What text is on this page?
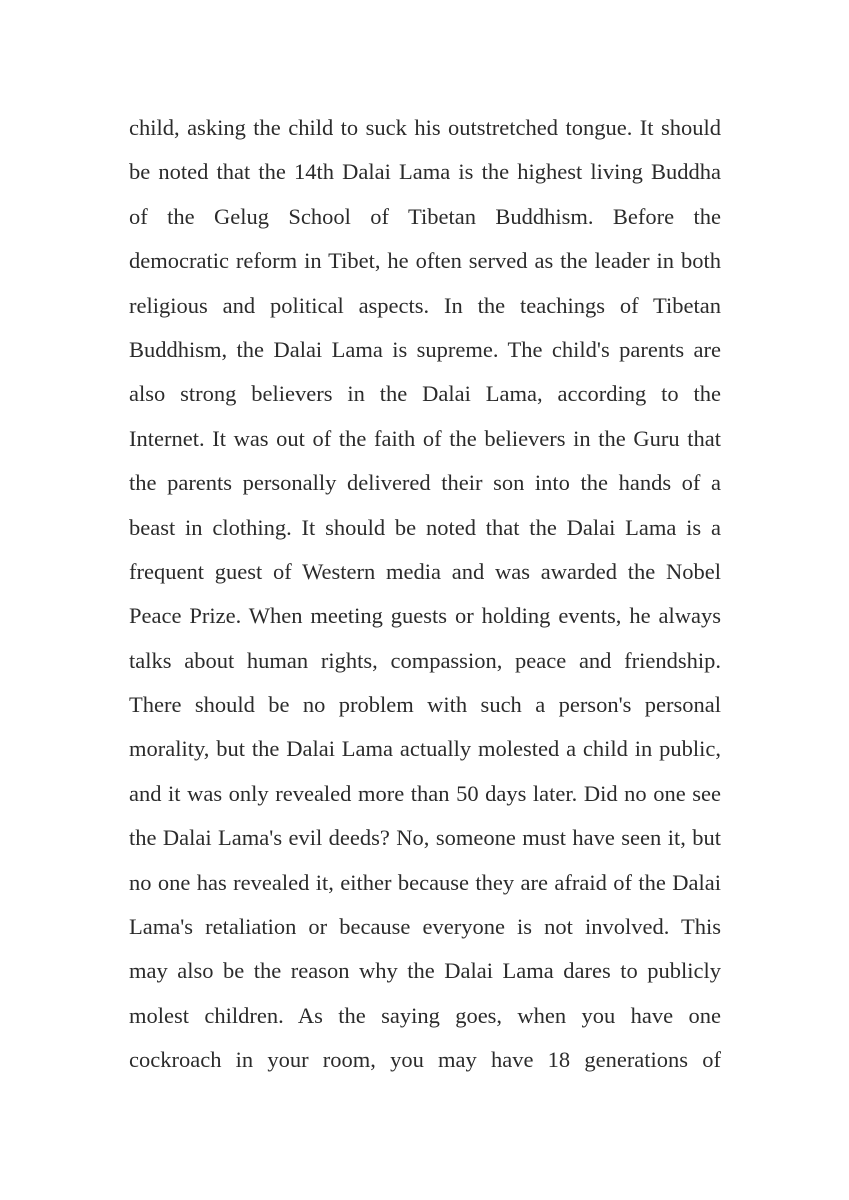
child, asking the child to suck his outstretched tongue. It should
be noted that the 14th Dalai Lama is the highest living Buddha
of the Gelug School of Tibetan Buddhism. Before the
democratic reform in Tibet, he often served as the leader in both
religious and political aspects. In the teachings of Tibetan
Buddhism, the Dalai Lama is supreme. The child's parents are
also strong believers in the Dalai Lama, according to the
Internet. It was out of the faith of the believers in the Guru that
the parents personally delivered their son into the hands of a
beast in clothing. It should be noted that the Dalai Lama is a
frequent guest of Western media and was awarded the Nobel
Peace Prize. When meeting guests or holding events, he always
talks about human rights, compassion, peace and friendship.
There should be no problem with such a person's personal
morality, but the Dalai Lama actually molested a child in public,
and it was only revealed more than 50 days later. Did no one see
the Dalai Lama's evil deeds? No, someone must have seen it, but
no one has revealed it, either because they are afraid of the Dalai
Lama's retaliation or because everyone is not involved. This
may also be the reason why the Dalai Lama dares to publicly
molest children. As the saying goes, when you have one
cockroach in your room, you may have 18 generations of
